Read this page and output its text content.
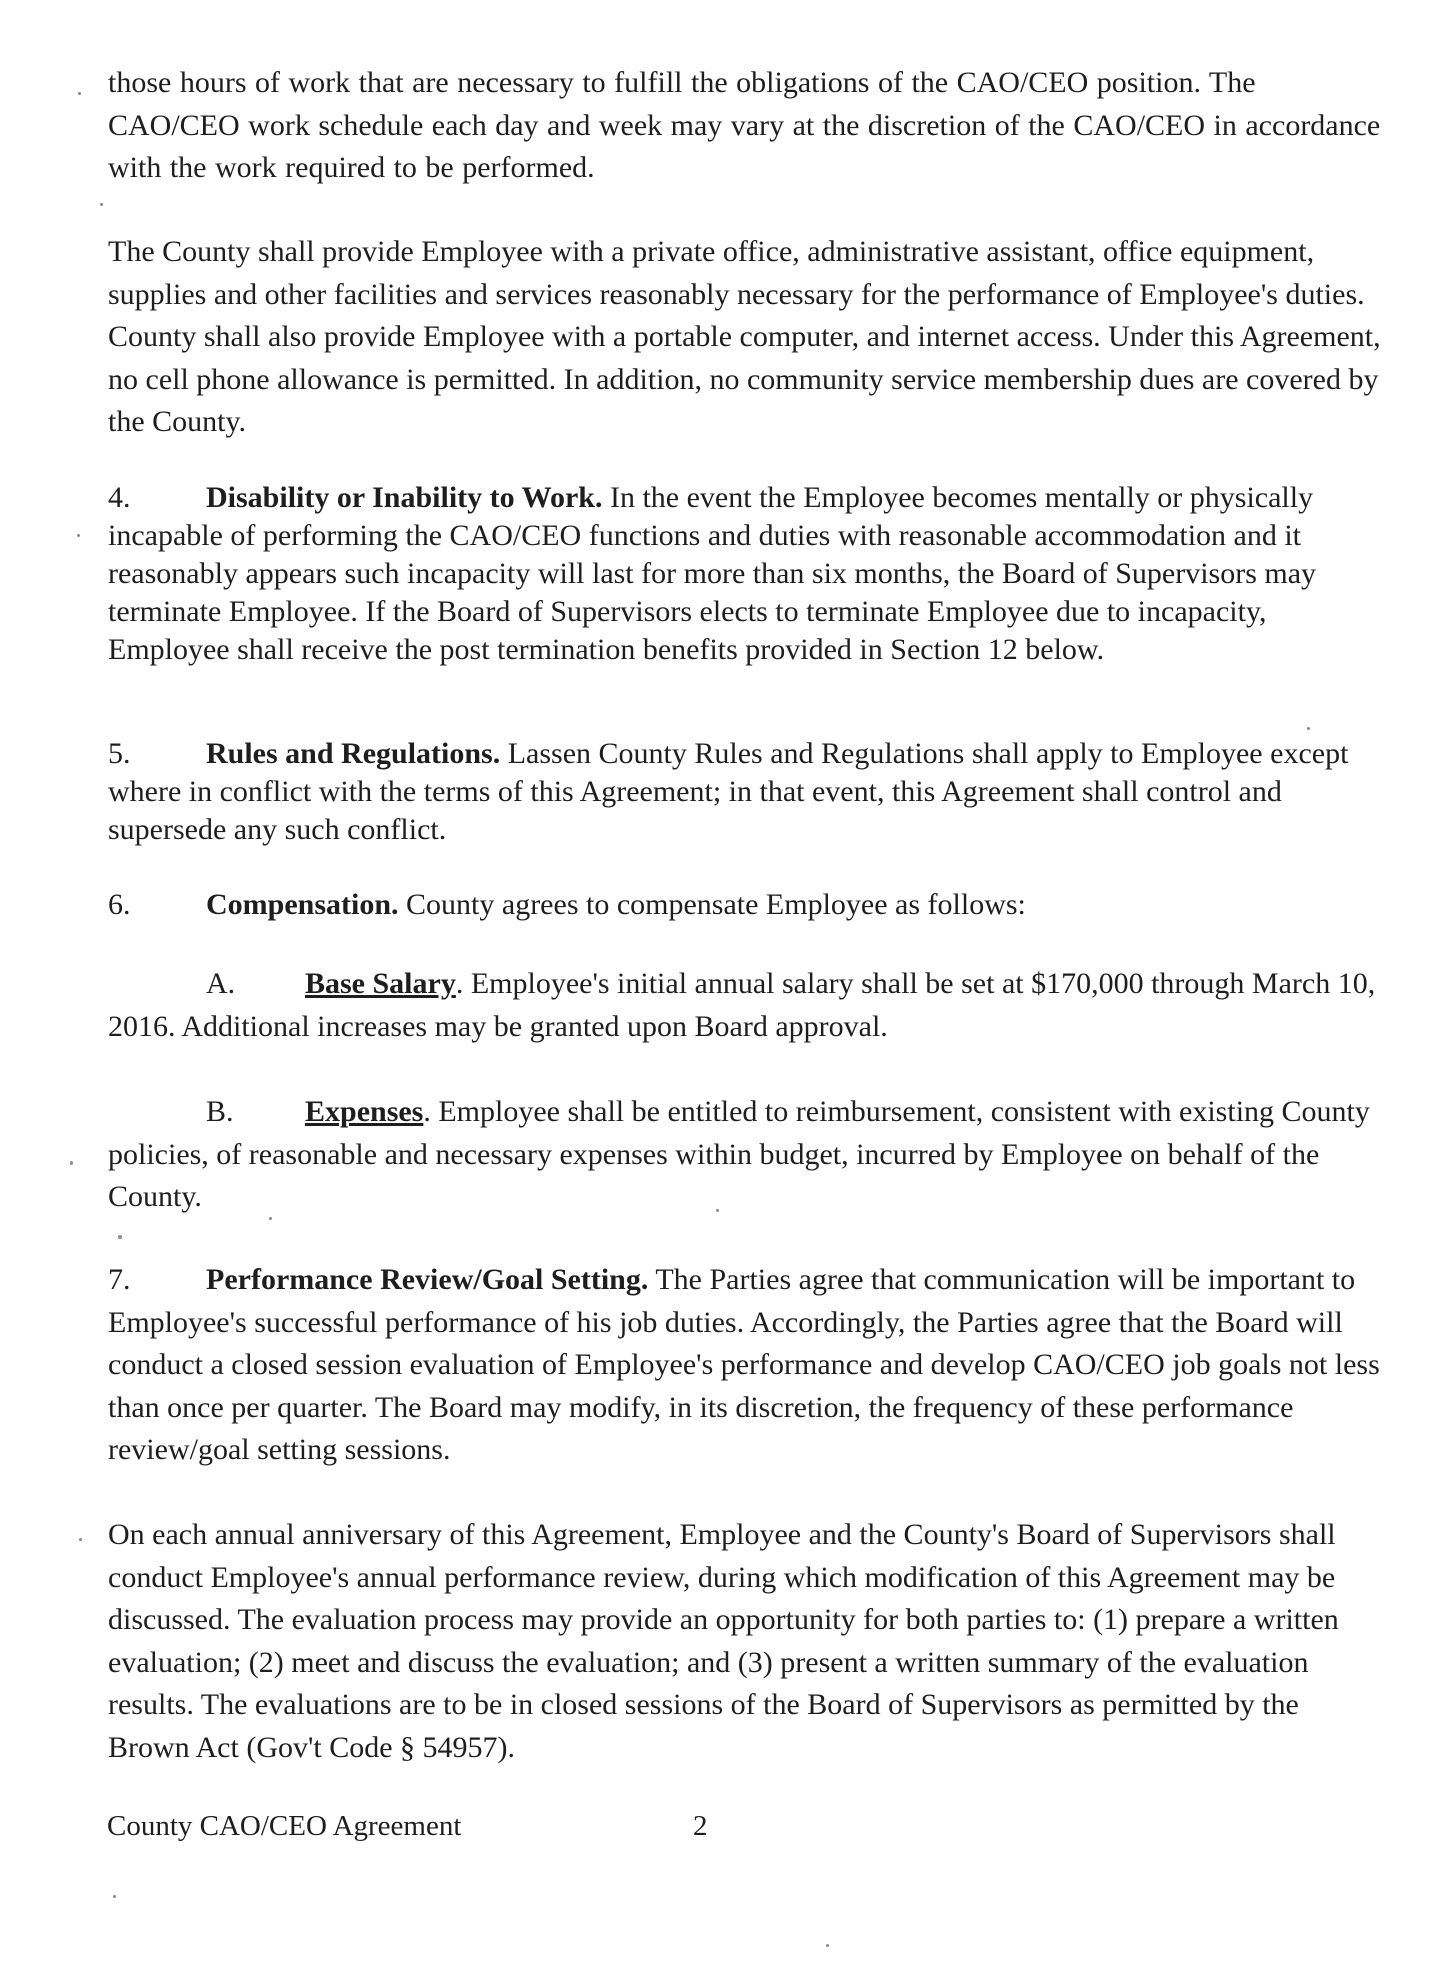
those hours of work that are necessary to fulfill the obligations of the CAO/CEO position. The CAO/CEO work schedule each day and week may vary at the discretion of the CAO/CEO in accordance with the work required to be performed.
The County shall provide Employee with a private office, administrative assistant, office equipment, supplies and other facilities and services reasonably necessary for the performance of Employee's duties. County shall also provide Employee with a portable computer, and internet access. Under this Agreement, no cell phone allowance is permitted. In addition, no community service membership dues are covered by the County.
4.	Disability or Inability to Work. In the event the Employee becomes mentally or physically incapable of performing the CAO/CEO functions and duties with reasonable accommodation and it reasonably appears such incapacity will last for more than six months, the Board of Supervisors may terminate Employee. If the Board of Supervisors elects to terminate Employee due to incapacity, Employee shall receive the post termination benefits provided in Section 12 below.
5.	Rules and Regulations. Lassen County Rules and Regulations shall apply to Employee except where in conflict with the terms of this Agreement; in that event, this Agreement shall control and supersede any such conflict.
6.	Compensation. County agrees to compensate Employee as follows:
A. Base Salary. Employee's initial annual salary shall be set at $170,000 through March 10, 2016. Additional increases may be granted upon Board approval.
B. Expenses. Employee shall be entitled to reimbursement, consistent with existing County policies, of reasonable and necessary expenses within budget, incurred by Employee on behalf of the County.
7.	Performance Review/Goal Setting. The Parties agree that communication will be important to Employee's successful performance of his job duties. Accordingly, the Parties agree that the Board will conduct a closed session evaluation of Employee's performance and develop CAO/CEO job goals not less than once per quarter. The Board may modify, in its discretion, the frequency of these performance review/goal setting sessions.
On each annual anniversary of this Agreement, Employee and the County's Board of Supervisors shall conduct Employee's annual performance review, during which modification of this Agreement may be discussed. The evaluation process may provide an opportunity for both parties to: (1) prepare a written evaluation; (2) meet and discuss the evaluation; and (3) present a written summary of the evaluation results. The evaluations are to be in closed sessions of the Board of Supervisors as permitted by the Brown Act (Gov't Code § 54957).
County CAO/CEO Agreement	2
